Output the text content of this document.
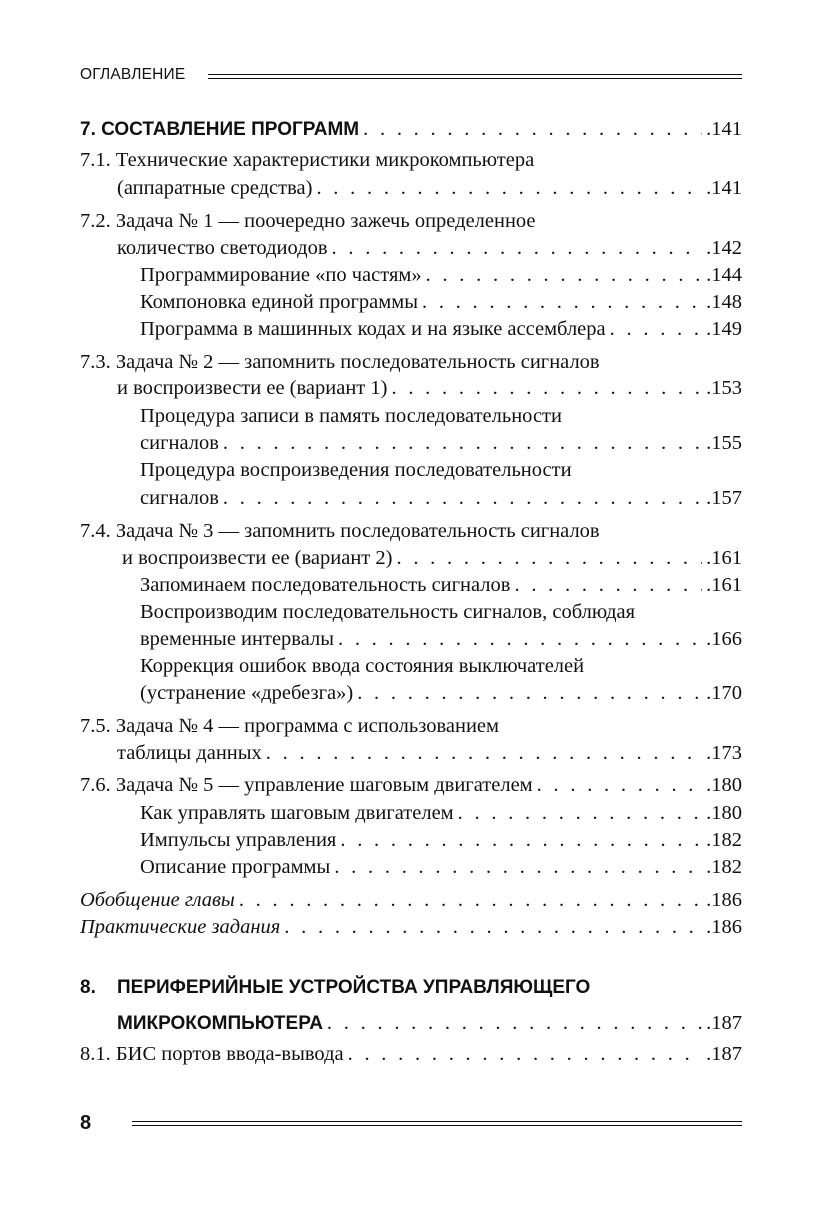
ОГЛАВЛЕНИЕ
7. СОСТАВЛЕНИЕ ПРОГРАММ . . .	.141
7.1. Технические характеристики микрокомпьютера
(аппаратные средства) . . .	.141
7.2. Задача № 1 — поочередно зажечь определенное
количество светодиодов . . .	.142
Программирование «по частям» . . .	.144
Компоновка единой программы . . .	.148
Программа в машинных кодах и на языке ассемблера . . .	.149
7.3. Задача № 2 — запомнить последовательность сигналов
и воспроизвести ее (вариант 1) . . .	.153
Процедура записи в память последовательности
сигналов . . .	.155
Процедура воспроизведения последовательности
сигналов . . .	.157
7.4. Задача № 3 — запомнить последовательность сигналов
и воспроизвести ее (вариант 2) . . .	.161
Запоминаем последовательность сигналов . . .	.161
Воспроизводим последовательность сигналов, соблюдая
временные интервалы . . .	.166
Коррекция ошибок ввода состояния выключателей
(устранение «дребезга») . . .	.170
7.5. Задача № 4 — программа с использованием
таблицы данных . . .	.173
7.6. Задача № 5 — управление шаговым двигателем . . .	.180
Как управлять шаговым двигателем . . .	.180
Импульсы управления . . .	.182
Описание программы . . .	.182
Обобщение главы . . .	.186
Практические задания . . .	.186
8. ПЕРИФЕРИЙНЫЕ УСТРОЙСТВА УПРАВЛЯЮЩЕГО
МИКРОКОМПЬЮТЕРА . . .	.187
8.1. БИС портов ввода-вывода . . .	.187
8
